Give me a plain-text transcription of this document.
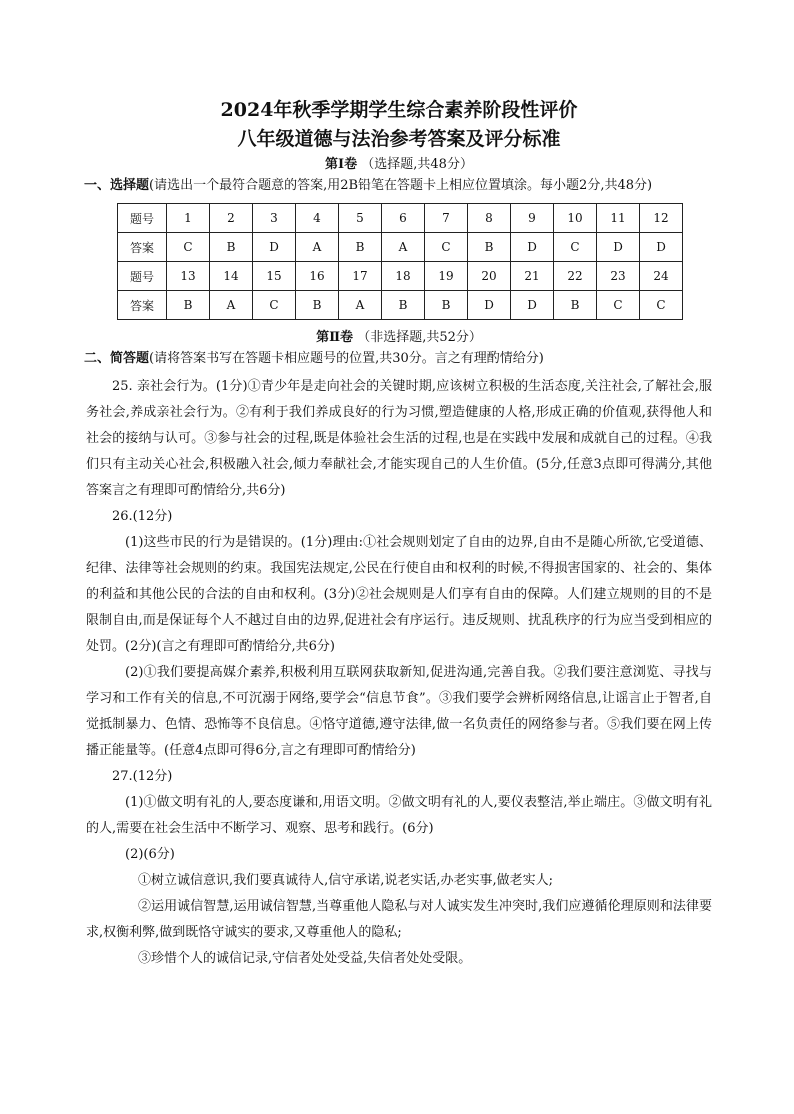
2024年秋季学期学生综合素养阶段性评价
八年级道德与法治参考答案及评分标准
第Ⅰ卷 （选择题,共48分）
一、选择题(请选出一个最符合题意的答案,用2B铅笔在答题卡上相应位置填涂。每小题2分,共48分)
题号	1	2	3	4	5	6	7	8	9	10	11	12
答案	C	B	D	A	B	A	C	B	D	C	D	D
题号	13	14	15	16	17	18	19	20	21	22	23	24
答案	B	A	C	B	A	B	B	D	D	B	C	C
第Ⅱ卷 （非选择题,共52分）
二、简答题(请将答案书写在答题卡相应题号的位置,共30分。言之有理酌情给分)

25. 亲社会行为。(1分)①青少年是走向社会的关键时期,应该树立积极的生活态度,关注社会,了解社会,服务社会,养成亲社会行为。②有利于我们养成良好的行为习惯,塑造健康的人格,形成正确的价值观,获得他人和社会的接纳与认可。③参与社会的过程,既是体验社会生活的过程,也是在实践中发展和成就自己的过程。④我们只有主动关心社会,积极融入社会,倾力奉献社会,才能实现自己的人生价值。(5分,任意3点即可得满分,其他答案言之有理即可酌情给分,共6分)

26.(12分)

(1)这些市民的行为是错误的。(1分)理由:①社会规则划定了自由的边界,自由不是随心所欲,它受道德、纪律、法律等社会规则的约束。我国宪法规定,公民在行使自由和权利的时候,不得损害国家的、社会的、集体的利益和其他公民的合法的自由和权利。(3分)②社会规则是人们享有自由的保障。人们建立规则的目的不是限制自由,而是保证每个人不越过自由的边界,促进社会有序运行。违反规则、扰乱秩序的行为应当受到相应的处罚。(2分)(言之有理即可酌情给分,共6分)

(2)①我们要提高媒介素养,积极利用互联网获取新知,促进沟通,完善自我。②我们要注意浏览、寻找与学习和工作有关的信息,不可沉溺于网络,要学会“信息节食”。③我们要学会辨析网络信息,让谣言止于智者,自觉抵制暴力、色情、恐怖等不良信息。④恪守道德,遵守法律,做一名负责任的网络参与者。⑤我们要在网上传播正能量等。(任意4点即可得6分,言之有理即可酌情给分)

27.(12分)

(1)①做文明有礼的人,要态度谦和,用语文明。②做文明有礼的人,要仪表整洁,举止端庄。③做文明有礼的人,需要在社会生活中不断学习、观察、思考和践行。(6分)

(2)(6分)

①树立诚信意识,我们要真诚待人,信守承诺,说老实话,办老实事,做老实人;

②运用诚信智慧,运用诚信智慧,当尊重他人隐私与对人诚实发生冲突时,我们应遵循伦理原则和法律要求,权衡利弊,做到既恪守诚实的要求,又尊重他人的隐私;

③珍惜个人的诚信记录,守信者处处受益,失信者处处受限。
